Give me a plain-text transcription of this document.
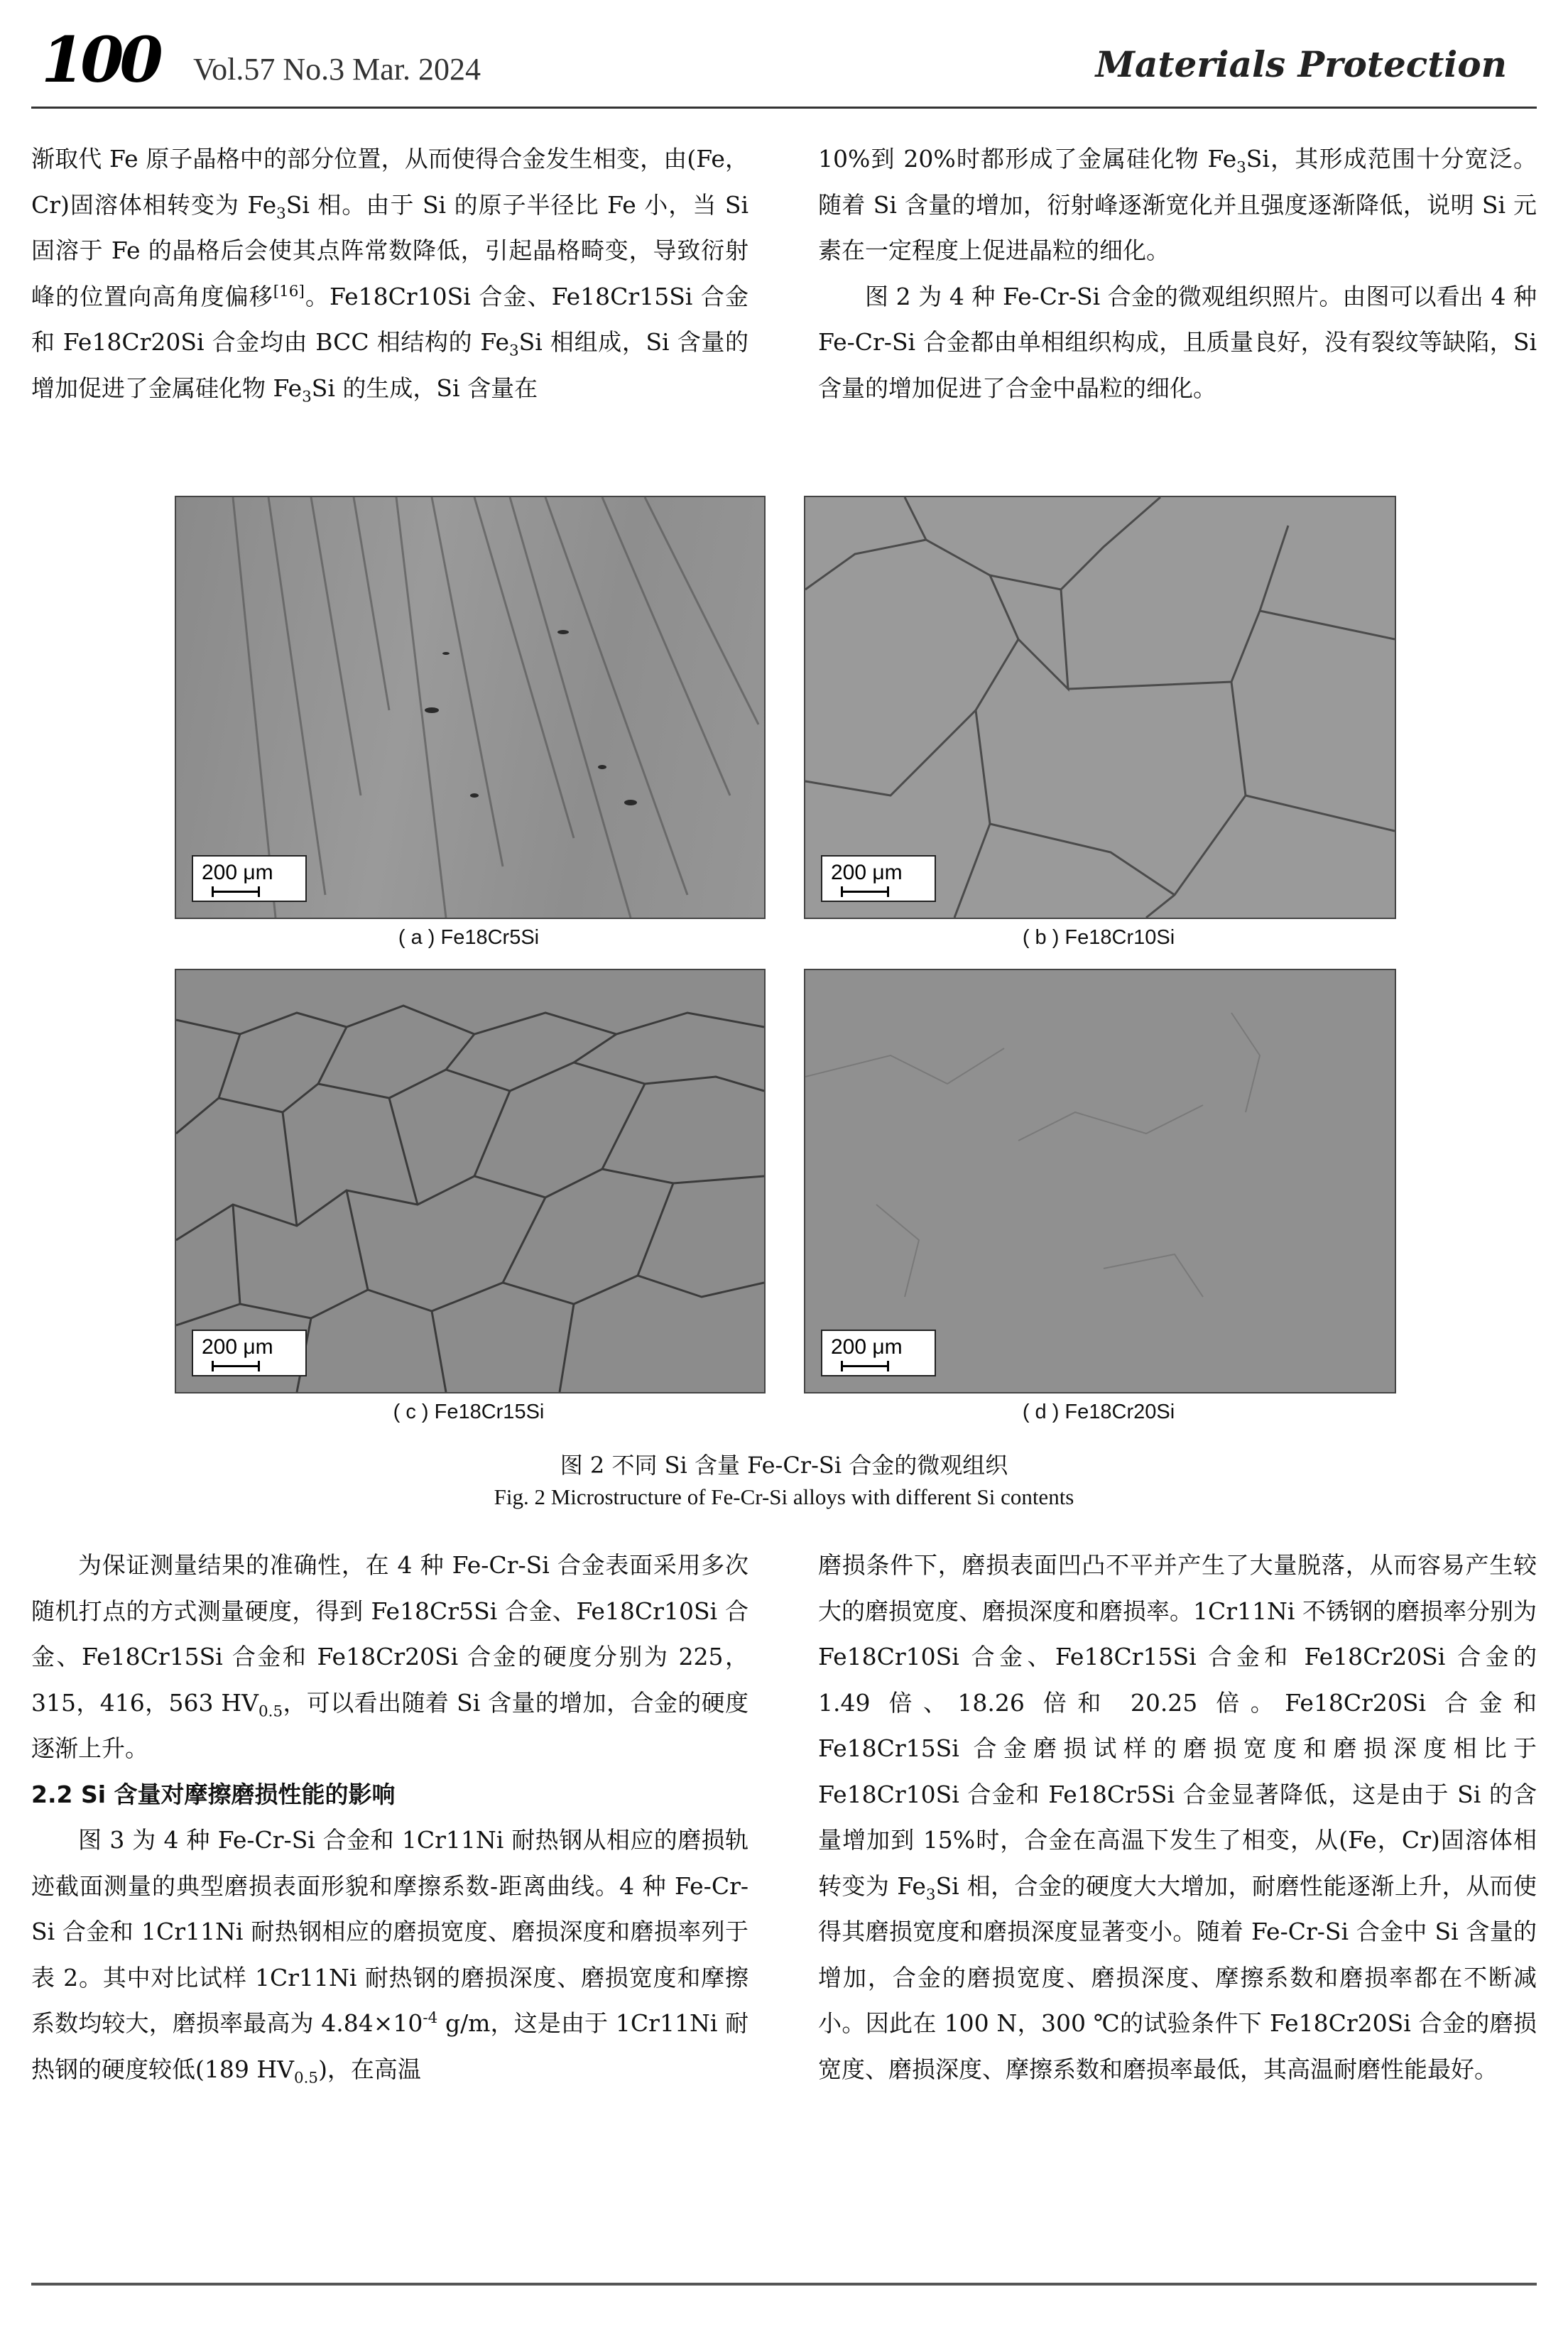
100 Vol.57 No.3 Mar. 2024	Materials Protection

渐取代 Fe 原子晶格中的部分位置，从而使得合金发生相变，由(Fe，Cr)固溶体相转变为 $Fe_3Si$ 相。由于 Si 的原子半径比 Fe 小，当 Si 固溶于 Fe 的晶格后会使其点阵常数降低，引起晶格畸变，导致衍射峰的位置向高角度偏移[16]。Fe18Cr10Si 合金、Fe18Cr15Si 合金和 Fe18Cr20Si 合金均由 BCC 相结构的 $Fe_3Si$ 相组成，Si 含量的增加促进了金属硅化物 $Fe_3Si$ 的生成，Si 含量在

10%到 20%时都形成了金属硅化物 $Fe_3Si$，其形成范围十分宽泛。随着 Si 含量的增加，衍射峰逐渐宽化并且强度逐渐降低，说明 Si 元素在一定程度上促进晶粒的细化。

图 2 为 4 种 Fe-Cr-Si 合金的微观组织照片。由图可以看出 4 种 Fe-Cr-Si 合金都由单相组织构成，且质量良好，没有裂纹等缺陷，Si 含量的增加促进了合金中晶粒的细化。

200 μm
( a ) Fe18Cr5Si
200 μm
( b ) Fe18Cr10Si
200 μm
( c ) Fe18Cr15Si
200 μm
( d ) Fe18Cr20Si
图 2 不同 Si 含量 Fe-Cr-Si 合金的微观组织
Fig. 2 Microstructure of Fe-Cr-Si alloys with different Si contents

为保证测量结果的准确性，在 4 种 Fe-Cr-Si 合金表面采用多次随机打点的方式测量硬度，得到 Fe18Cr5Si 合金、Fe18Cr10Si 合金、Fe18Cr15Si 合金和 Fe18Cr20Si 合金的硬度分别为 225，315，416，563 $HV_{0.5}$，可以看出随着 Si 含量的增加，合金的硬度逐渐上升。

2.2 Si 含量对摩擦磨损性能的影响

图 3 为 4 种 Fe-Cr-Si 合金和 1Cr11Ni 耐热钢从相应的磨损轨迹截面测量的典型磨损表面形貌和摩擦系数-距离曲线。4 种 Fe-Cr-Si 合金和 1Cr11Ni 耐热钢相应的磨损宽度、磨损深度和磨损率列于表 2。其中对比试样 1Cr11Ni 耐热钢的磨损深度、磨损宽度和摩擦系数均较大，磨损率最高为 $4.84\times 10^{-4}$ g/m，这是由于 1Cr11Ni 耐热钢的硬度较低(189 $HV_{0.5}$)，在高温

磨损条件下，磨损表面凹凸不平并产生了大量脱落，从而容易产生较大的磨损宽度、磨损深度和磨损率。1Cr11Ni 不锈钢的磨损率分别为 Fe18Cr10Si 合金、Fe18Cr15Si 合金和 Fe18Cr20Si 合金的 1.49 倍、18.26 倍和 20.25 倍。Fe18Cr20Si 合金和 Fe18Cr15Si 合金磨损试样的磨损宽度和磨损深度相比于 Fe18Cr10Si 合金和 Fe18Cr5Si 合金显著降低，这是由于 Si 的含量增加到 15%时，合金在高温下发生了相变，从(Fe，Cr)固溶体相转变为 $Fe_3Si$ 相，合金的硬度大大增加，耐磨性能逐渐上升，从而使得其磨损宽度和磨损深度显著变小。随着 Fe-Cr-Si 合金中 Si 含量的增加，合金的磨损宽度、磨损深度、摩擦系数和磨损率都在不断减小。因此在 100 N，300 ℃的试验条件下 Fe18Cr20Si 合金的磨损宽度、磨损深度、摩擦系数和磨损率最低，其高温耐磨性能最好。
